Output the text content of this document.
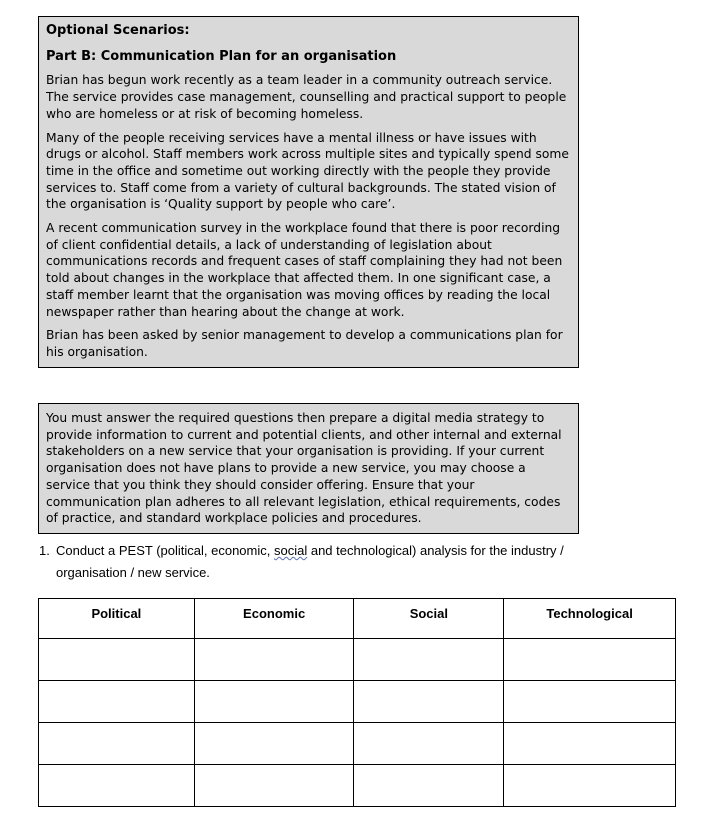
Optional Scenarios:

Part B: Communication Plan for an organisation

Brian has begun work recently as a team leader in a community outreach service. The service provides case management, counselling and practical support to people who are homeless or at risk of becoming homeless.

Many of the people receiving services have a mental illness or have issues with drugs or alcohol. Staff members work across multiple sites and typically spend some time in the office and sometime out working directly with the people they provide services to. Staff come from a variety of cultural backgrounds. The stated vision of the organisation is ‘Quality support by people who care’.

A recent communication survey in the workplace found that there is poor recording of client confidential details, a lack of understanding of legislation about communications records and frequent cases of staff complaining they had not been told about changes in the workplace that affected them. In one significant case, a staff member learnt that the organisation was moving offices by reading the local newspaper rather than hearing about the change at work.

Brian has been asked by senior management to develop a communications plan for his organisation.

You must answer the required questions then prepare a digital media strategy to provide information to current and potential clients, and other internal and external stakeholders on a new service that your organisation is providing. If your current organisation does not have plans to provide a new service, you may choose a service that you think they should consider offering. Ensure that your communication plan adheres to all relevant legislation, ethical requirements, codes of practice, and standard workplace policies and procedures.

1. Conduct a PEST (political, economic, social and technological) analysis for the industry / organisation / new service.
Political	Economic	Social	Technological
